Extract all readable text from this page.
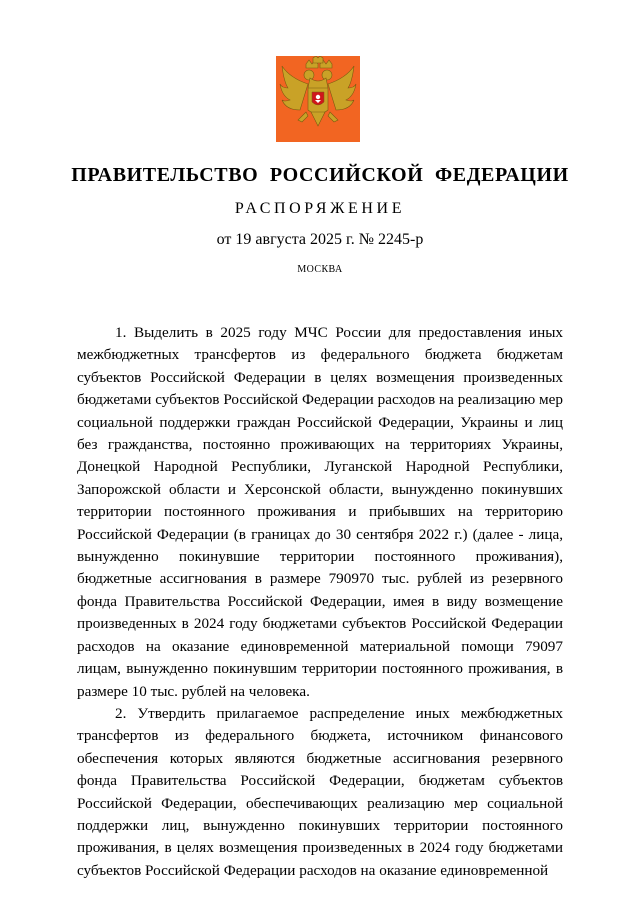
ПРАВИТЕЛЬСТВО РОССИЙСКОЙ ФЕДЕРАЦИИ
РАСПОРЯЖЕНИЕ
от 19 августа 2025 г. № 2245-р
МОСКВА

1. Выделить в 2025 году МЧС России для предоставления иных межбюджетных трансфертов из федерального бюджета бюджетам субъектов Российской Федерации в целях возмещения произведенных бюджетами субъектов Российской Федерации расходов на реализацию мер социальной поддержки граждан Российской Федерации, Украины и лиц без гражданства, постоянно проживающих на территориях Украины, Донецкой Народной Республики, Луганской Народной Республики, Запорожской области и Херсонской области, вынужденно покинувших территории постоянного проживания и прибывших на территорию Российской Федерации (в границах до 30 сентября 2022 г.) (далее - лица, вынужденно покинувшие территории постоянного проживания), бюджетные ассигнования в размере 790970 тыс. рублей из резервного фонда Правительства Российской Федерации, имея в виду возмещение произведенных в 2024 году бюджетами субъектов Российской Федерации расходов на оказание единовременной материальной помощи 79097 лицам, вынужденно покинувшим территории постоянного проживания, в размере 10 тыс. рублей на человека.

2. Утвердить прилагаемое распределение иных межбюджетных трансфертов из федерального бюджета, источником финансового обеспечения которых являются бюджетные ассигнования резервного фонда Правительства Российской Федерации, бюджетам субъектов Российской Федерации, обеспечивающих реализацию мер социальной поддержки лиц, вынужденно покинувших территории постоянного проживания, в целях возмещения произведенных в 2024 году бюджетами субъектов Российской Федерации расходов на оказание единовременной
